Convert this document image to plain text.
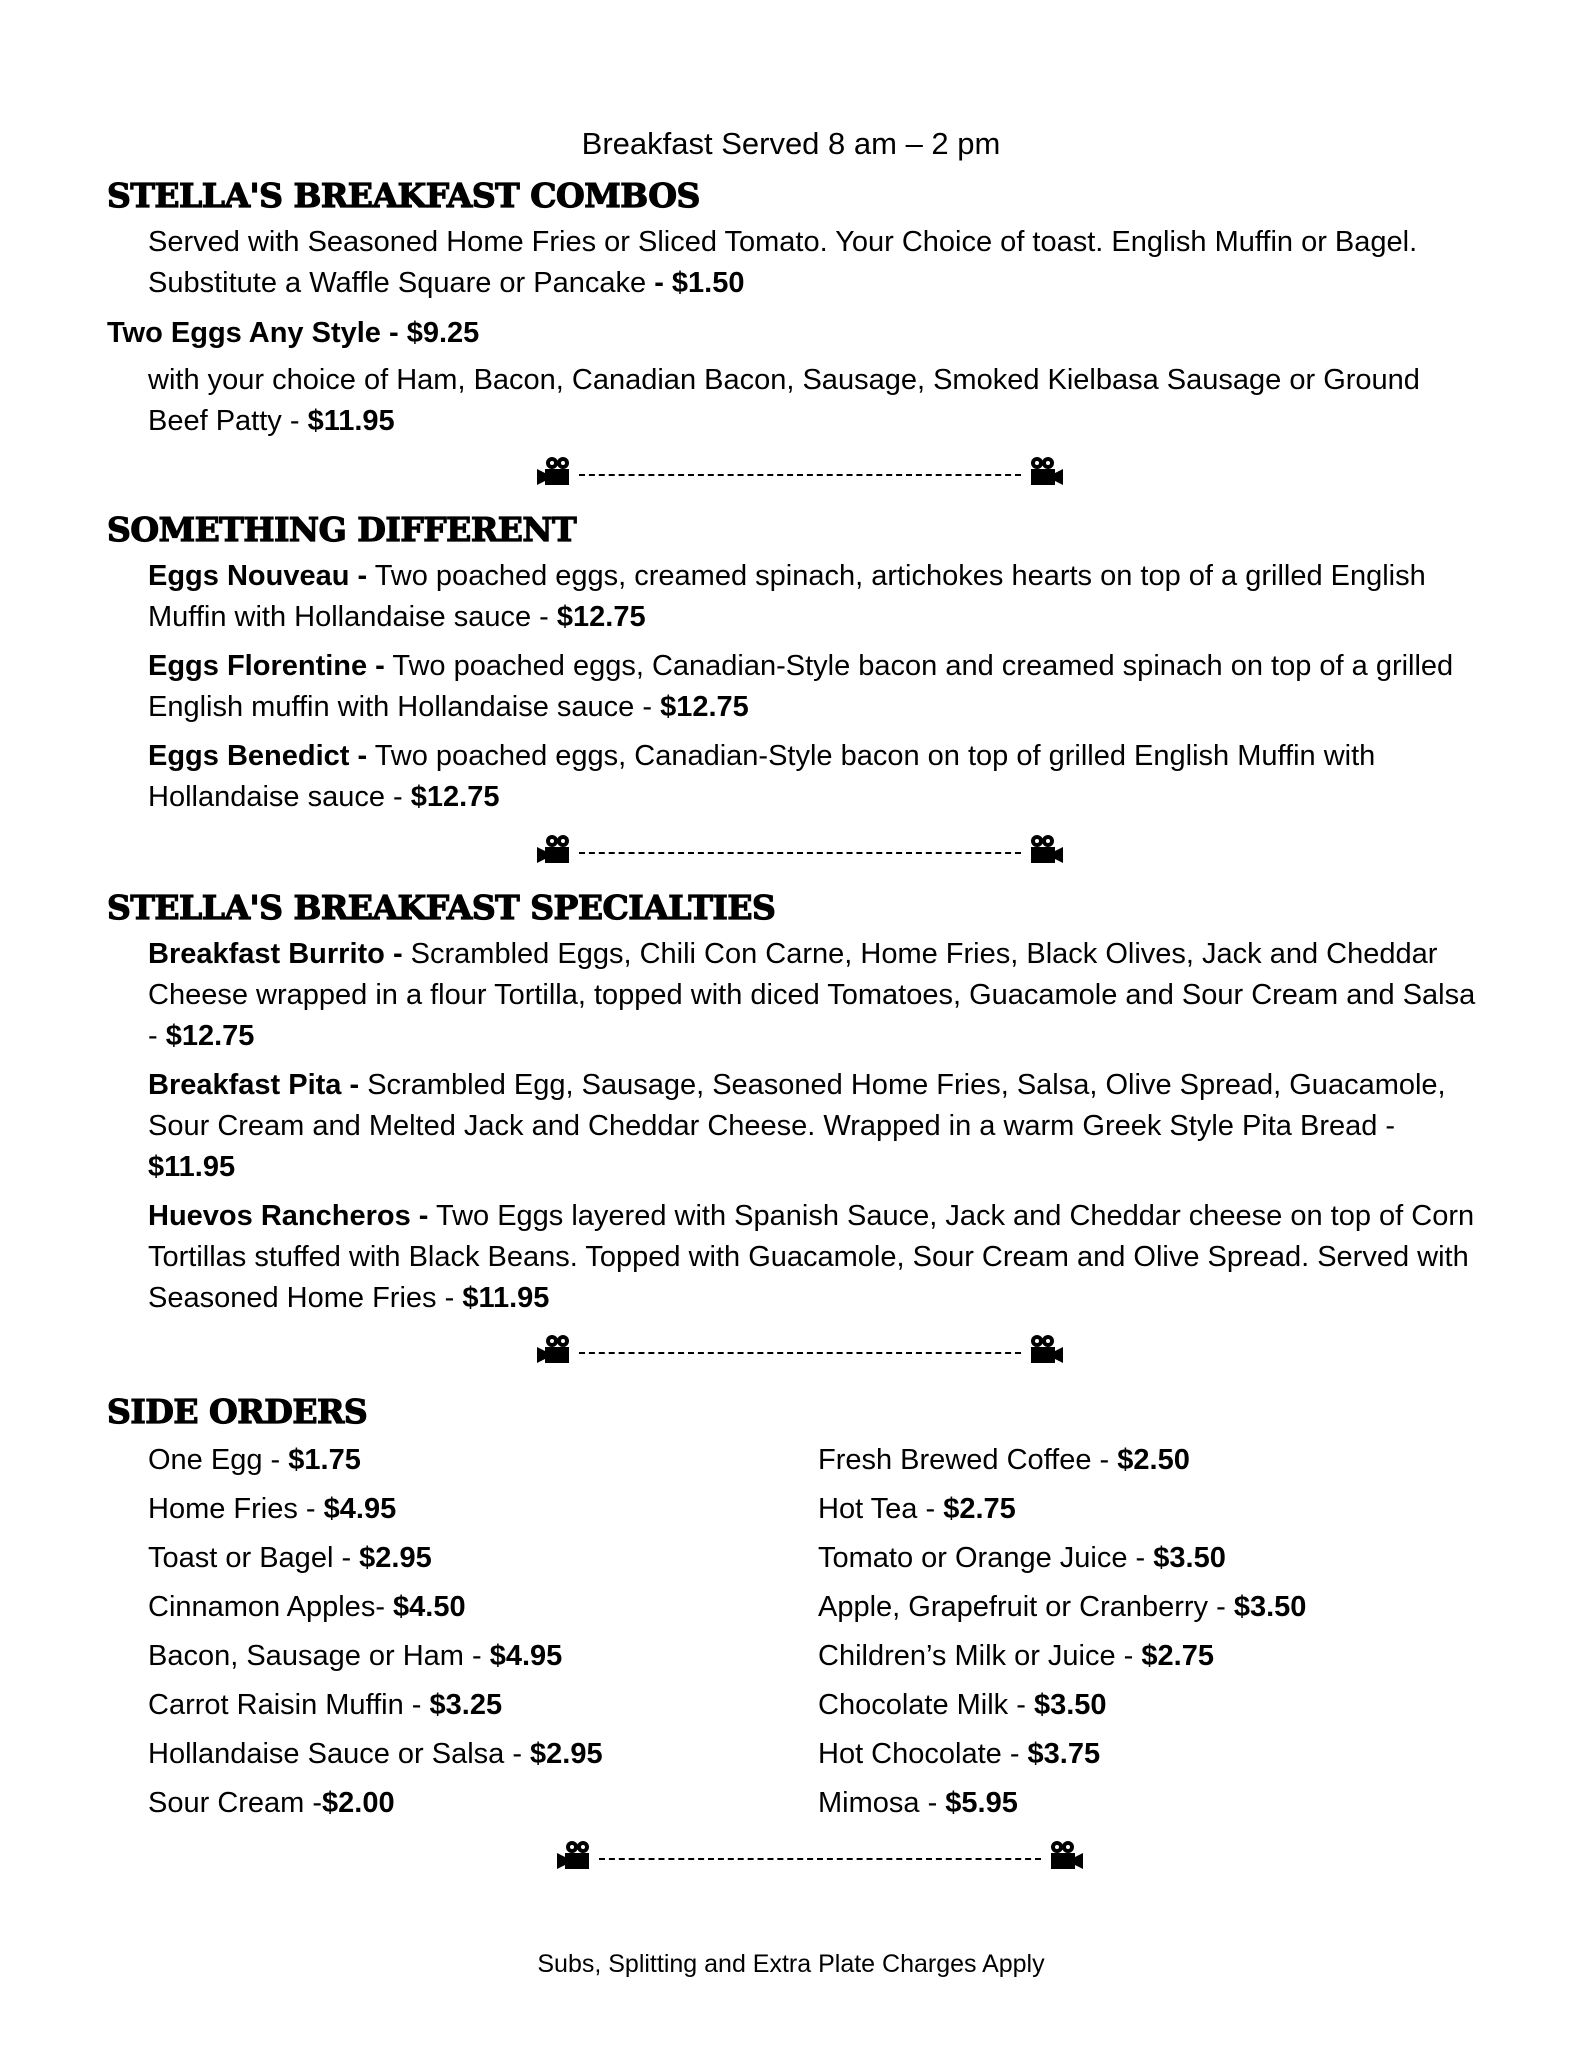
Breakfast Served 8 am – 2 pm
STELLA'S BREAKFAST COMBOS
Served with Seasoned Home Fries or Sliced Tomato. Your Choice of toast. English Muffin or Bagel. Substitute a Waffle Square or Pancake - $1.50
Two Eggs Any Style - $9.25
with your choice of Ham, Bacon, Canadian Bacon, Sausage, Smoked Kielbasa Sausage or Ground Beef Patty - $11.95
SOMETHING DIFFERENT
Eggs Nouveau - Two poached eggs, creamed spinach, artichokes hearts on top of a grilled English Muffin with Hollandaise sauce - $12.75
Eggs Florentine - Two poached eggs, Canadian-Style bacon and creamed spinach on top of a grilled English muffin with Hollandaise sauce - $12.75
Eggs Benedict - Two poached eggs, Canadian-Style bacon on top of grilled English Muffin with Hollandaise sauce - $12.75
STELLA'S BREAKFAST SPECIALTIES
Breakfast Burrito - Scrambled Eggs, Chili Con Carne, Home Fries, Black Olives, Jack and Cheddar Cheese wrapped in a flour Tortilla, topped with diced Tomatoes, Guacamole and Sour Cream and Salsa - $12.75
Breakfast Pita - Scrambled Egg, Sausage, Seasoned Home Fries, Salsa, Olive Spread, Guacamole, Sour Cream and Melted Jack and Cheddar Cheese. Wrapped in a warm Greek Style Pita Bread - $11.95
Huevos Rancheros - Two Eggs layered with Spanish Sauce, Jack and Cheddar cheese on top of Corn Tortillas stuffed with Black Beans. Topped with Guacamole, Sour Cream and Olive Spread. Served with Seasoned Home Fries - $11.95
SIDE ORDERS
One Egg - $1.75
Home Fries - $4.95
Toast or Bagel - $2.95
Cinnamon Apples- $4.50
Bacon, Sausage or Ham - $4.95
Carrot Raisin Muffin - $3.25
Hollandaise Sauce or Salsa - $2.95
Sour Cream -$2.00
Fresh Brewed Coffee - $2.50
Hot Tea - $2.75
Tomato or Orange Juice - $3.50
Apple, Grapefruit or Cranberry - $3.50
Children’s Milk or Juice - $2.75
Chocolate Milk - $3.50
Hot Chocolate - $3.75
Mimosa - $5.95
Subs, Splitting and Extra Plate Charges Apply
